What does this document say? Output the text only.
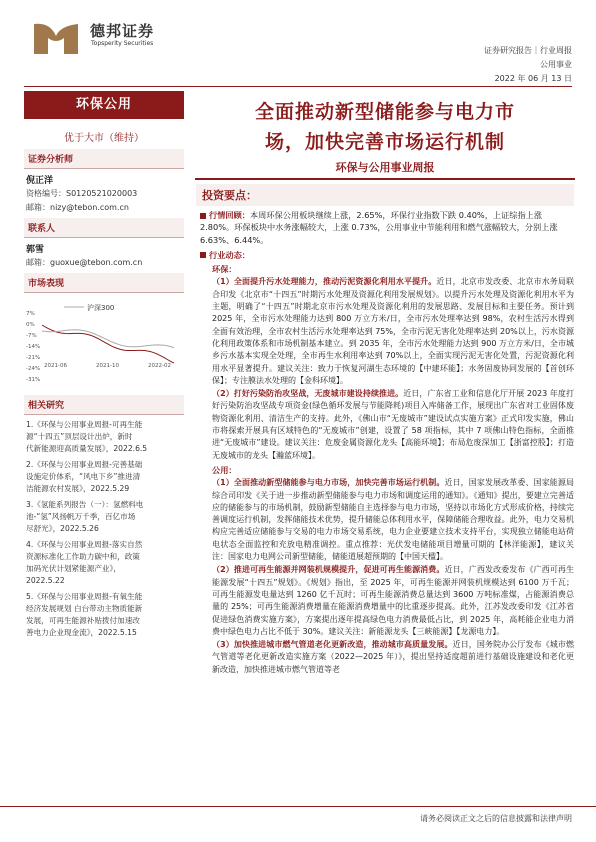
德邦证券
Topsperity Securities
证券研究报告｜行业周报
公用事业
2022 年 06 月 13 日
环保公用
优于大市（维持）
证券分析师
倪正洋
资格编号：S0120521020003
邮箱：nizy@tebon.com.cn
联系人
郭雪
邮箱：guoxue@tebon.com.cn
市场表现
7%
0%
-7%
-14%
-21%
-24%
-31%
2021-06	2021-10	2022-02
沪深300
相关研究
1.《环保与公用事业周报-可再生能
源“十四五”顶层设计出炉，新时
代新能源迎高质量发展》，2022.6.5
2.《环保与公用事业周报-完善基础
设施定价体系，“风电下乡”推进清
洁能源农村发展》，2022.5.29
3.《氢能系列报告（一）：氢燃料电
池-“氢”风扬帆万千季，百亿市场
尽舒光》，2022.5.26
4.《环保与公用事业周报-落实自然
资源标准化工作助力碳中和，政策
加码光伏计划紧能源产业》，
2022.5.22
5.《环保与公用事业周报-有氧生能
经济发展规划 白台带动主物质能新
发展，可再生能源补贴拨付加速改
善电力企业现金流》，2022.5.15
全面推动新型储能参与电力市
场，加快完善市场运行机制
环保与公用事业周报
投资要点：
行情回顾：本周环保公用板块继续上涨，2.65%，环保行业指数下跌 0.40%，上证综指上涨 2.80%。环保板块中水务涨幅较大，上涨 0.73%，公用事业中节能利用和燃气涨幅较大，分别上涨 6.63%、6.44%。
行业动态：
环保：
（1）全面提升污水处理能力，推动污泥资源化利用水平提升。近日，北京市发改委、北京市水务局联合印发《北京市“十四五”时期污水处理及资源化利用发展规划》。以提升污水处理及资源化利用水平为主题，明确了“十四五”时期北京市污水处理及资源化利用的发展思路、发展目标和主要任务。预计到 2025 年，全市污水处理能力达到 800 万立方米/日，全市污水处理率达到 98%，农村生活污水得到全面有效治理，全市农村生活污水处理率达到 75%，全市污泥无害化处理率达到 20%以上，污水资源化利用政策体系和市场机制基本建立。到 2035 年，全市污水处理能力达到 900 万立方米/日，全市城乡污水基本实现全处理，全市再生水利用率达到 70%以上，全面实现污泥无害化处置，污泥资源化利用水平显著提升。建议关注：致力于恢复河湖生态环境的【中建环能】；水务固废协同发展的【首创环保】；专注膜法水处理的【金科环境】。
（2）打好污染防治攻坚战，无废城市建设持续推进。近日，广东省工业和信息化厅开展 2023 年度打好污染防治攻坚战专项资金(绿色循环发展与节能降耗)项目入库储备工作，展现出广东省对工业固体废物资源化利用、清洁生产的支持。此外，《佛山市“无废城市”建设试点实施方案》正式印发实施，佛山市将探索开展具有区域特色的“无废城市”创建，设置了 58 项指标，其中 7 项佛山特色指标，全面推进“无废城市”建设。建议关注：危废金属资源化龙头【高能环境】；布局危废深加工【浙富控股】；打造无废城市的龙头【瀚蓝环境】。
公用：
（1）全面推动新型储能参与电力市场，加快完善市场运行机制。近日，国家发展改革委、国家能源局综合司印发《关于进一步推动新型储能参与电力市场和调度运用的通知》。《通知》提出，要建立完善适应的储能参与的市场机制，鼓励新型储能自主选择参与电力市场，坚持以市场化方式形成价格，持续完善调度运行机制，发挥储能技术优势，提升储能总体利用水平，保障储能合理收益。此外，电力交易机构应完善适应储能参与交易的电力市场交易系统，电力企业要建立技术支持平台，实现独立储能电站荷电状态全面监控和充放电精准调控。重点推荐：光伏发电储能项目增量可期的【林洋能源】，建议关注：国家电力电网公司新型储能，储能道展超预期的【中国天楹】。
（2）推进可再生能源并网装机规模提升，促进可再生能源消费。近日，广西发改委发布《广西可再生能源发展“十四五”规划》。《规划》指出，至 2025 年，可再生能源并网装机规模达到 6100 万千瓦；可再生能源发电量达到 1260 亿千瓦时；可再生能源消费总量达到 3600 万吨标准煤，占能源消费总量的 25%；可再生能源消费增量在能源消费增量中的比重逐步提高。此外，江苏发改委印发《江苏省促进绿色消费实施方案》，方案提出逐年提高绿色电力消费最低占比，到 2025 年，高耗能企业电力消费中绿色电力占比不低于 30%。建议关注：新能源龙头【三峡能源】【龙源电力】。
（3）加快推进城市燃气管道老化更新改造，推动城市高质量发展。近日，国务院办公厅发布《城市燃气管道等老化更新改造实施方案（2022—2025 年）》，提出坚持适度超前进行基础设施建设和老化更新改造，加快推进城市燃气管道等老
请务必阅读正文之后的信息披露和法律声明
